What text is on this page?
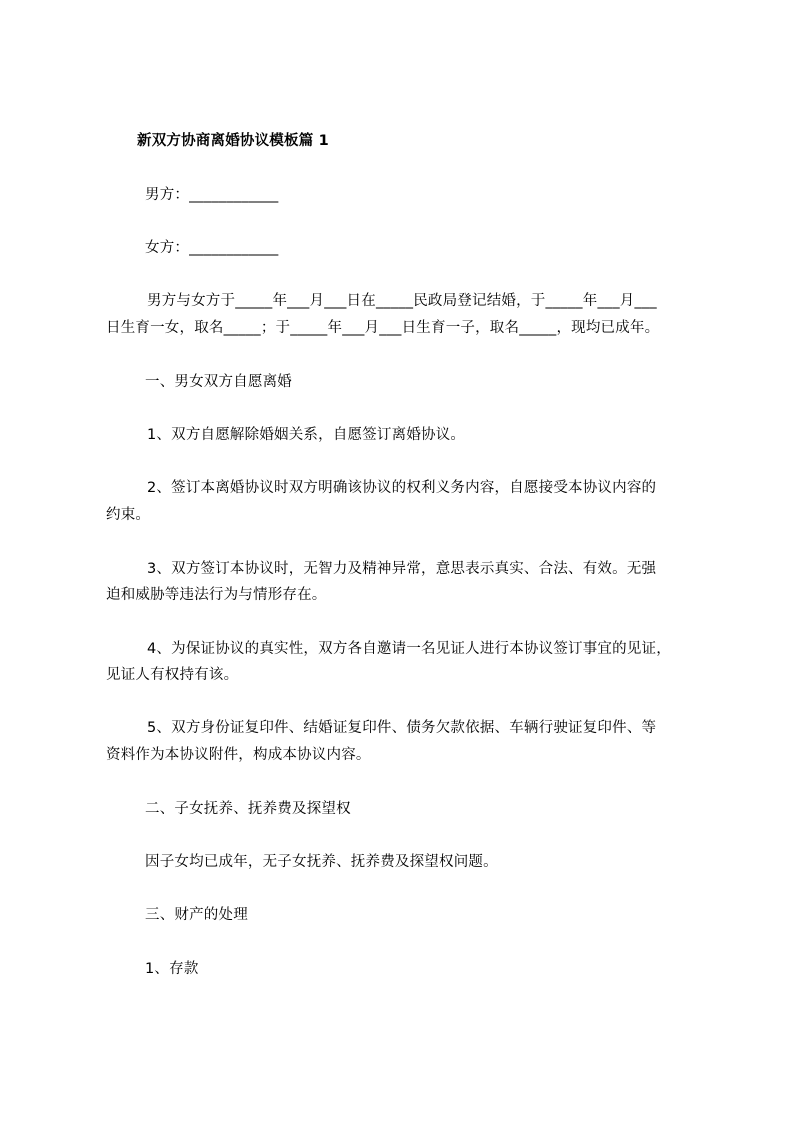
新双方协商离婚协议模板篇 1

男方：____________

女方：____________

男方与女方于_____年___月___日在_____民政局登记结婚，于_____年___月___

日生育一女，取名_____；于_____年___月___日生育一子，取名_____，现均已成年。

一、男女双方自愿离婚

1、双方自愿解除婚姻关系，自愿签订离婚协议。

2、签订本离婚协议时双方明确该协议的权利义务内容，自愿接受本协议内容的

约束。

3、双方签订本协议时，无智力及精神异常，意思表示真实、合法、有效。无强

迫和威胁等违法行为与情形存在。

4、为保证协议的真实性，双方各自邀请一名见证人进行本协议签订事宜的见证，

见证人有权持有该。

5、双方身份证复印件、结婚证复印件、债务欠款依据、车辆行驶证复印件、等

资料作为本协议附件，构成本协议内容。

二、子女抚养、抚养费及探望权

因子女均已成年，无子女抚养、抚养费及探望权问题。

三、财产的处理

1、存款
